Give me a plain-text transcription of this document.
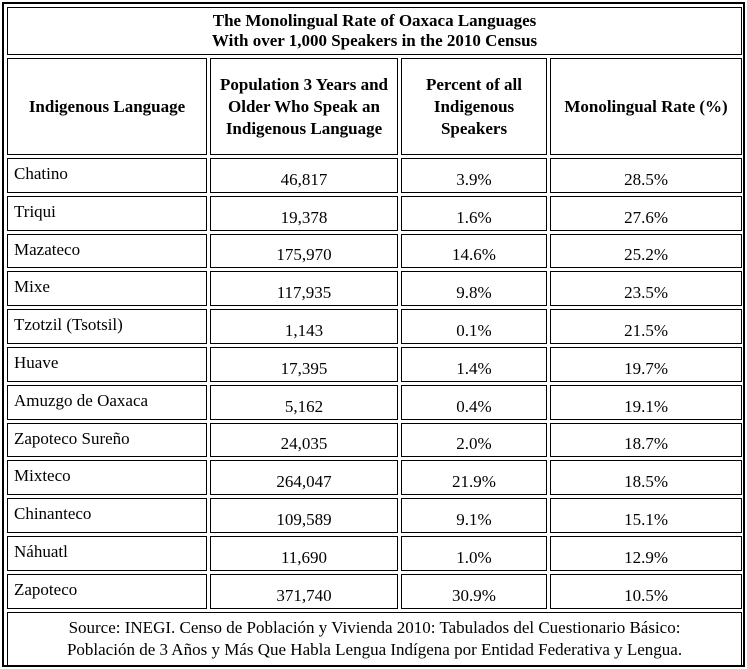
The Monolingual Rate of Oaxaca Languages
With over 1,000 Speakers in the 2010 Census			

Indigenous Language	Population 3 Years and Older Who Speak an Indigenous Language	Percent of all Indigenous Speakers	Monolingual Rate (%)
Chatino	46,817	3.9%	28.5%
Triqui	19,378	1.6%	27.6%
Mazateco	175,970	14.6%	25.2%
Mixe	117,935	9.8%	23.5%
Tzotzil (Tsotsil)	1,143	0.1%	21.5%
Huave	17,395	1.4%	19.7%
Amuzgo de Oaxaca	5,162	0.4%	19.1%
Zapoteco Sureño	24,035	2.0%	18.7%
Mixteco	264,047	21.9%	18.5%
Chinanteco	109,589	9.1%	15.1%
Náhuatl	11,690	1.0%	12.9%
Zapoteco	371,740	30.9%	10.5%

Source: INEGI. Censo de Población y Vivienda 2010: Tabulados del Cuestionario Básico:
Población de 3 Años y Más Que Habla Lengua Indígena por Entidad Federativa y Lengua.			
